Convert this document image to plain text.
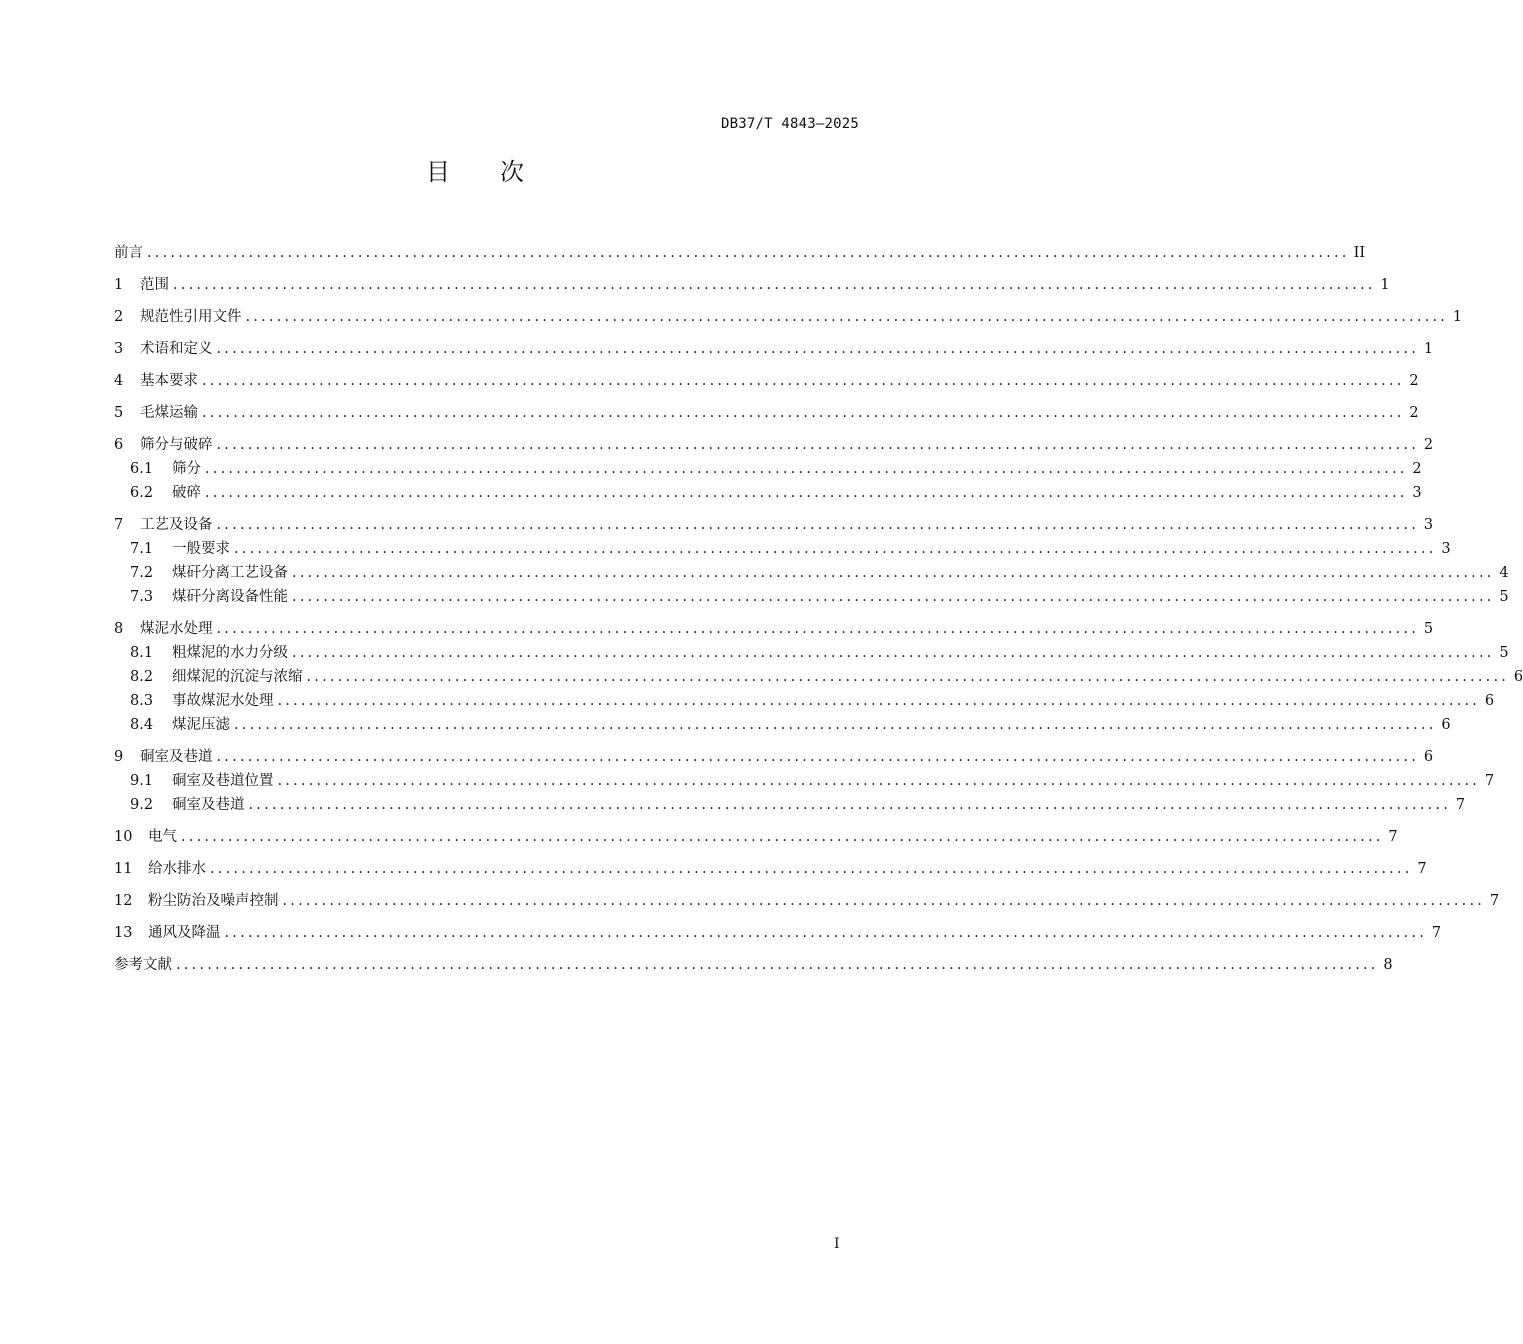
DB37/T 4843—2025
目次
前言 .......................................................................................................................................................... II
1	范围 .......................................................................................................................................................... 1
2	规范性引用文件 .......................................................................................................................................................... 1
3	术语和定义 .......................................................................................................................................................... 1
4	基本要求 .......................................................................................................................................................... 2
5	毛煤运输 .......................................................................................................................................................... 2
6	筛分与破碎 .......................................................................................................................................................... 2
6.1	筛分 .......................................................................................................................................................... 2
6.2	破碎 .......................................................................................................................................................... 3
7	工艺及设备 .......................................................................................................................................................... 3
7.1	一般要求 .......................................................................................................................................................... 3
7.2	煤矸分离工艺设备 .......................................................................................................................................................... 4
7.3	煤矸分离设备性能 .......................................................................................................................................................... 5
8	煤泥水处理 .......................................................................................................................................................... 5
8.1	粗煤泥的水力分级 .......................................................................................................................................................... 5
8.2	细煤泥的沉淀与浓缩 .......................................................................................................................................................... 6
8.3	事故煤泥水处理 .......................................................................................................................................................... 6
8.4	煤泥压滤 .......................................................................................................................................................... 6
9	硐室及巷道 .......................................................................................................................................................... 6
9.1	硐室及巷道位置 .......................................................................................................................................................... 7
9.2	硐室及巷道 .......................................................................................................................................................... 7
10	电气 .......................................................................................................................................................... 7
11	给水排水 .......................................................................................................................................................... 7
12	粉尘防治及噪声控制 .......................................................................................................................................................... 7
13	通风及降温 .......................................................................................................................................................... 7
参考文献 .......................................................................................................................................................... 8
I
